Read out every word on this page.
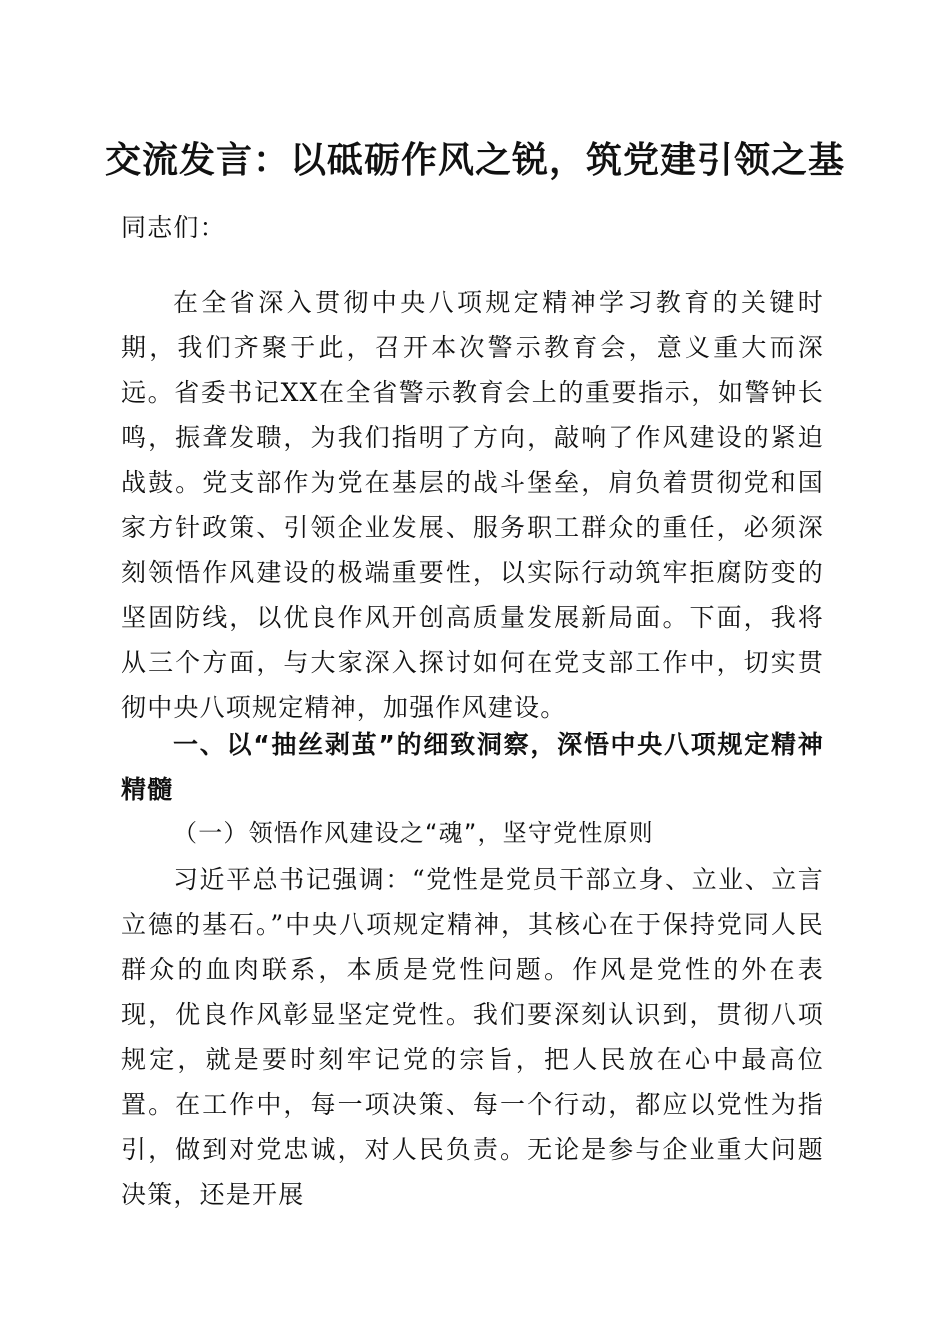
交流发言：以砥砺作风之锐，筑党建引领之基
同志们：
在全省深入贯彻中央八项规定精神学习教育的关键时期，我们齐聚于此，召开本次警示教育会，意义重大而深远。省委书记XX在全省警示教育会上的重要指示，如警钟长鸣，振聋发聩，为我们指明了方向，敲响了作风建设的紧迫战鼓。党支部作为党在基层的战斗堡垒，肩负着贯彻党和国家方针政策、引领企业发展、服务职工群众的重任，必须深刻领悟作风建设的极端重要性，以实际行动筑牢拒腐防变的坚固防线，以优良作风开创高质量发展新局面。下面，我将从三个方面，与大家深入探讨如何在党支部工作中，切实贯彻中央八项规定精神，加强作风建设。
一、以“抽丝剥茧”的细致洞察，深悟中央八项规定精神精髓
（一）领悟作风建设之“魂”，坚守党性原则
习近平总书记强调：“党性是党员干部立身、立业、立言立德的基石。”中央八项规定精神，其核心在于保持党同人民群众的血肉联系，本质是党性问题。作风是党性的外在表现，优良作风彰显坚定党性。我们要深刻认识到，贯彻八项规定，就是要时刻牢记党的宗旨，把人民放在心中最高位置。在工作中，每一项决策、每一个行动，都应以党性为指引，做到对党忠诚，对人民负责。无论是参与企业重大问题决策，还是开展
